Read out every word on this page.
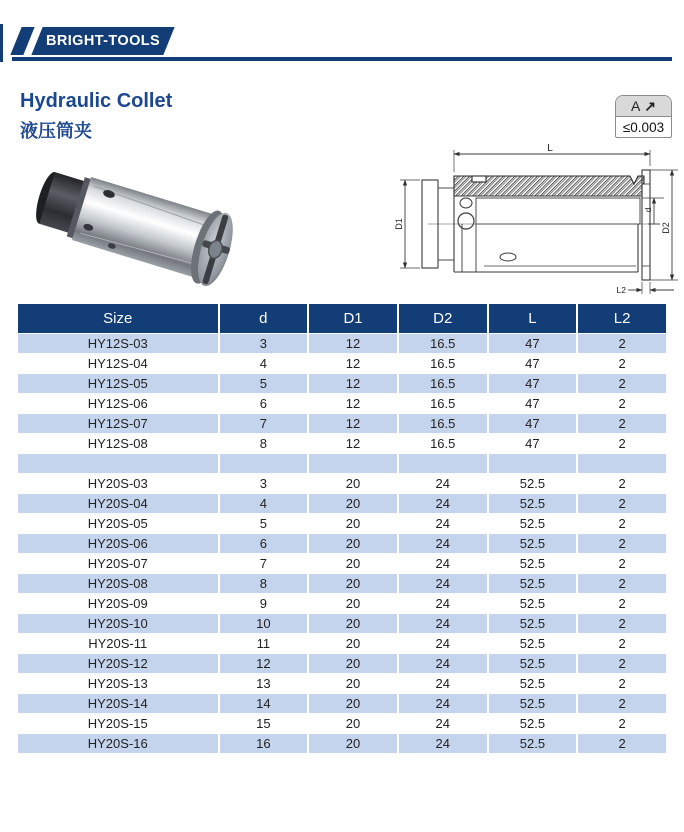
BRIGHT-TOOLS
Hydraulic Collet
液压筒夹
A ↗
≤0.003
L
D1
d
D2
L2
Size	d	D1	D2	L	L2
HY12S-03	3	12	16.5	47	2
HY12S-04	4	12	16.5	47	2
HY12S-05	5	12	16.5	47	2
HY12S-06	6	12	16.5	47	2
HY12S-07	7	12	16.5	47	2
HY12S-08	8	12	16.5	47	2

HY20S-03	3	20	24	52.5	2
HY20S-04	4	20	24	52.5	2
HY20S-05	5	20	24	52.5	2
HY20S-06	6	20	24	52.5	2
HY20S-07	7	20	24	52.5	2
HY20S-08	8	20	24	52.5	2
HY20S-09	9	20	24	52.5	2
HY20S-10	10	20	24	52.5	2
HY20S-11	11	20	24	52.5	2
HY20S-12	12	20	24	52.5	2
HY20S-13	13	20	24	52.5	2
HY20S-14	14	20	24	52.5	2
HY20S-15	15	20	24	52.5	2
HY20S-16	16	20	24	52.5	2
